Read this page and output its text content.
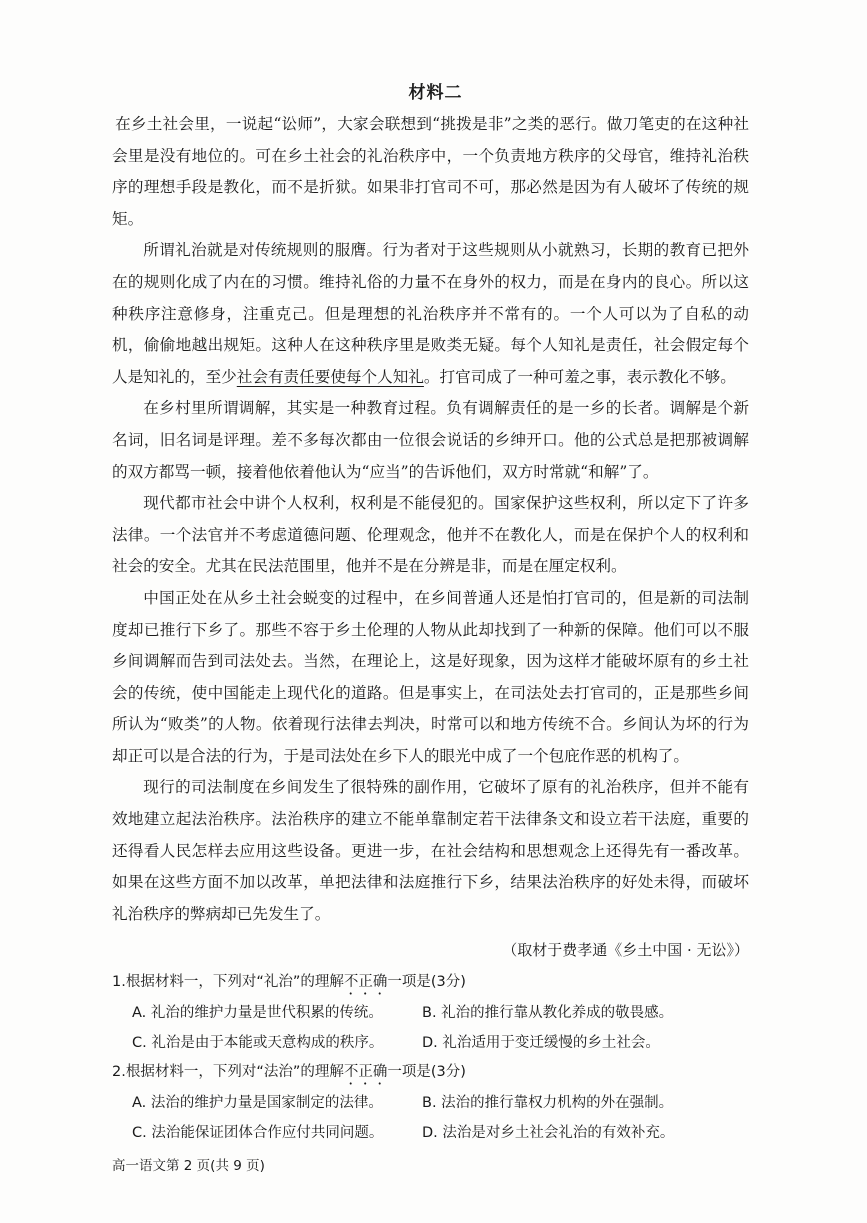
材料二

在乡土社会里，一说起“讼师”，大家会联想到“挑拨是非”之类的恶行。做刀笔吏的在这种社会里是没有地位的。可在乡土社会的礼治秩序中，一个负责地方秩序的父母官，维持礼治秩序的理想手段是教化，而不是折狱。如果非打官司不可，那必然是因为有人破坏了传统的规矩。

所谓礼治就是对传统规则的服膺。行为者对于这些规则从小就熟习，长期的教育已把外在的规则化成了内在的习惯。维持礼俗的力量不在身外的权力，而是在身内的良心。所以这种秩序注意修身，注重克己。但是理想的礼治秩序并不常有的。一个人可以为了自私的动机，偷偷地越出规矩。这种人在这种秩序里是败类无疑。每个人知礼是责任，社会假定每个人是知礼的，至少社会有责任要使每个人知礼。打官司成了一种可羞之事，表示教化不够。

在乡村里所谓调解，其实是一种教育过程。负有调解责任的是一乡的长者。调解是个新名词，旧名词是评理。差不多每次都由一位很会说话的乡绅开口。他的公式总是把那被调解的双方都骂一顿，接着他依着他认为“应当”的告诉他们，双方时常就“和解”了。

现代都市社会中讲个人权利，权利是不能侵犯的。国家保护这些权利，所以定下了许多法律。一个法官并不考虑道德问题、伦理观念，他并不在教化人，而是在保护个人的权利和社会的安全。尤其在民法范围里，他并不是在分辨是非，而是在厘定权利。

中国正处在从乡土社会蜕变的过程中，在乡间普通人还是怕打官司的，但是新的司法制度却已推行下乡了。那些不容于乡土伦理的人物从此却找到了一种新的保障。他们可以不服乡间调解而告到司法处去。当然，在理论上，这是好现象，因为这样才能破坏原有的乡土社会的传统，使中国能走上现代化的道路。但是事实上，在司法处去打官司的，正是那些乡间所认为“败类”的人物。依着现行法律去判决，时常可以和地方传统不合。乡间认为坏的行为却正可以是合法的行为，于是司法处在乡下人的眼光中成了一个包庇作恶的机构了。

现行的司法制度在乡间发生了很特殊的副作用，它破坏了原有的礼治秩序，但并不能有效地建立起法治秩序。法治秩序的建立不能单靠制定若干法律条文和设立若干法庭，重要的还得看人民怎样去应用这些设备。更进一步，在社会结构和思想观念上还得先有一番改革。如果在这些方面不加以改革，单把法律和法庭推行下乡，结果法治秩序的好处未得，而破坏礼治秩序的弊病却已先发生了。

（取材于费孝通《乡土中国 · 无讼》）
1.根据材料一，下列对“礼治”的理解不正确一项是(3分)
A. 礼治的维护力量是世代积累的传统。	B. 礼治的推行靠从教化养成的敬畏感。
C. 礼治是由于本能或天意构成的秩序。	D. 礼治适用于变迁缓慢的乡土社会。
2.根据材料一，下列对“法治”的理解不正确一项是(3分)
A. 法治的维护力量是国家制定的法律。	B. 法治的推行靠权力机构的外在强制。
C. 法治能保证团体合作应付共同问题。	D. 法治是对乡土社会礼治的有效补充。
高一语文第 2 页(共 9 页)
